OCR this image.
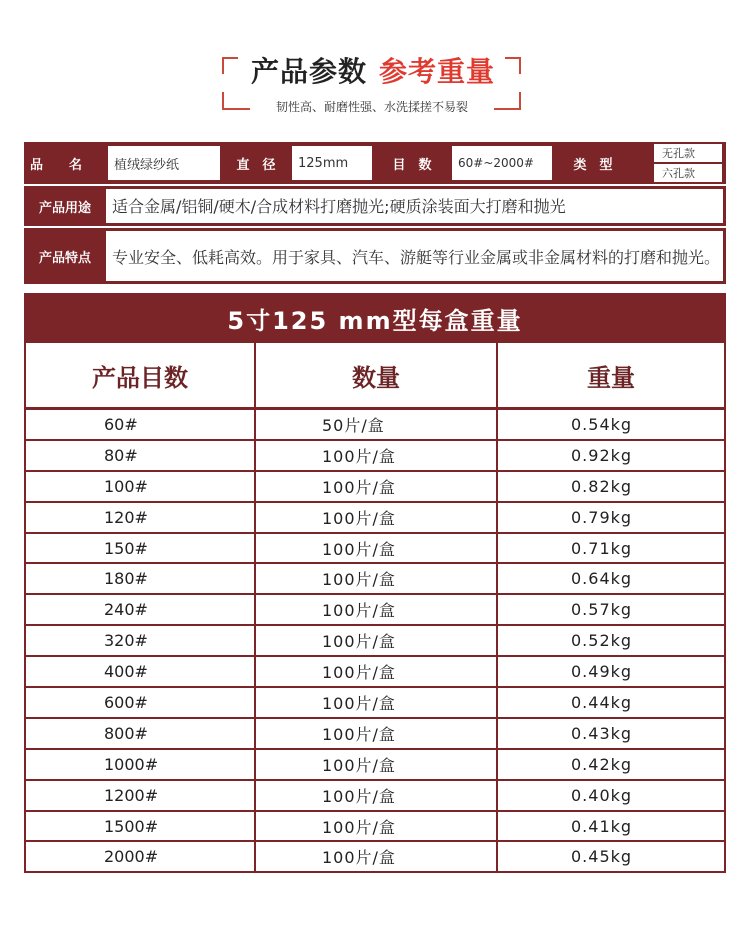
产品参数 参考重量
韧性高、耐磨性强、水洗揉搓不易裂
品　　名	植绒绿纱纸	直　径	125mm	目　数	60#~2000#	类　型
无孔款
六孔款
产品用途	适合金属/铝铜/硬木/合成材料打磨抛光;硬质涂装面大打磨和抛光
产品特点	专业安全、低耗高效。用于家具、汽车、游艇等行业金属或非金属材料的打磨和抛光。
5寸125 mm型每盒重量
产品目数	数量	重量
60#	50片/盒	0.54kg
80#	100片/盒	0.92kg
100#	100片/盒	0.82kg
120#	100片/盒	0.79kg
150#	100片/盒	0.71kg
180#	100片/盒	0.64kg
240#	100片/盒	0.57kg
320#	100片/盒	0.52kg
400#	100片/盒	0.49kg
600#	100片/盒	0.44kg
800#	100片/盒	0.43kg
1000#	100片/盒	0.42kg
1200#	100片/盒	0.40kg
1500#	100片/盒	0.41kg
2000#	100片/盒	0.45kg
